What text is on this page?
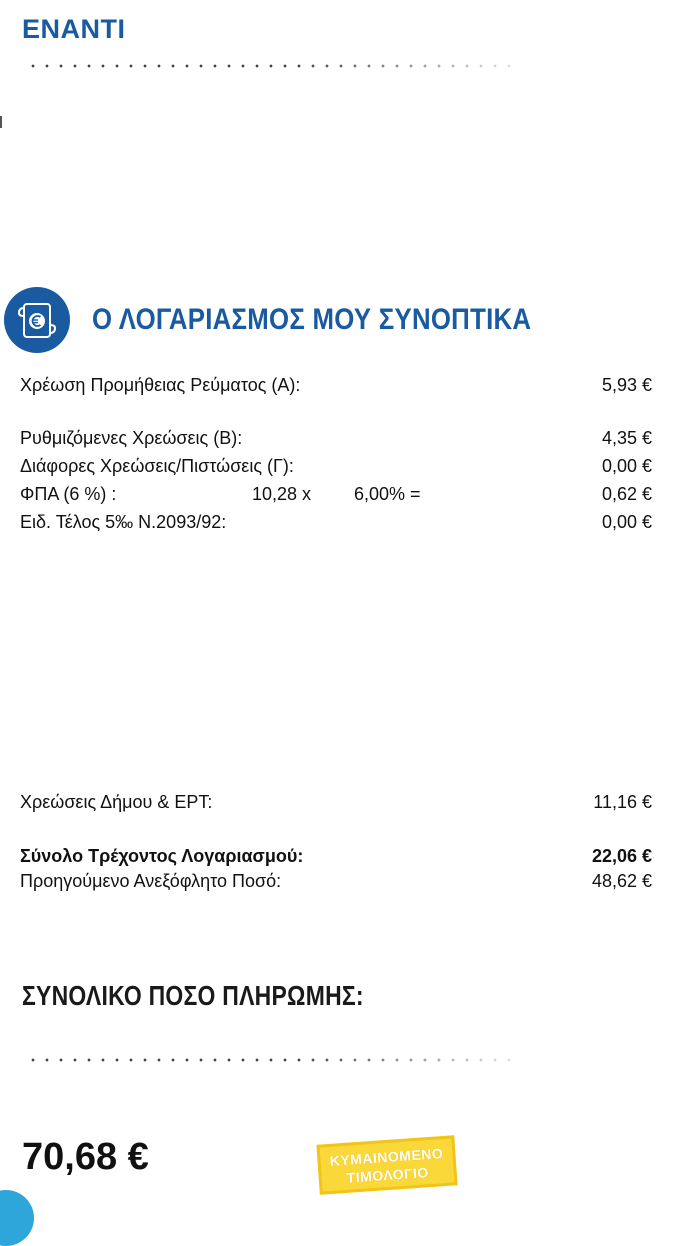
ΕΝΑΝΤΙ
Ο ΛΟΓΑΡΙΑΣΜΟΣ ΜΟΥ ΣΥΝΟΠΤΙΚΑ
Χρέωση Προμήθειας Ρεύματος (Α):	5,93 €
Ρυθμιζόμενες Χρεώσεις (Β):	4,35 €
Διάφορες Χρεώσεις/Πιστώσεις (Γ):	0,00 €
ΦΠΑ (6 %) :	10,28 x 6,00% =	0,62 €
Ειδ. Τέλος 5‰ Ν.2093/92:	0,00 €
Χρεώσεις Δήμου & ΕΡΤ:	11,16 €
Σύνολο Τρέχοντος Λογαριασμού:	22,06 €
Προηγούμενο Ανεξόφλητο Ποσό:	48,62 €
ΣΥΝΟΛΙΚΟ ΠΟΣΟ ΠΛΗΡΩΜΗΣ:
70,68 €	ΚΥΜΑΙΝΟΜΕΝΟ
ΤΙΜΟΛΟΓΙΟ
